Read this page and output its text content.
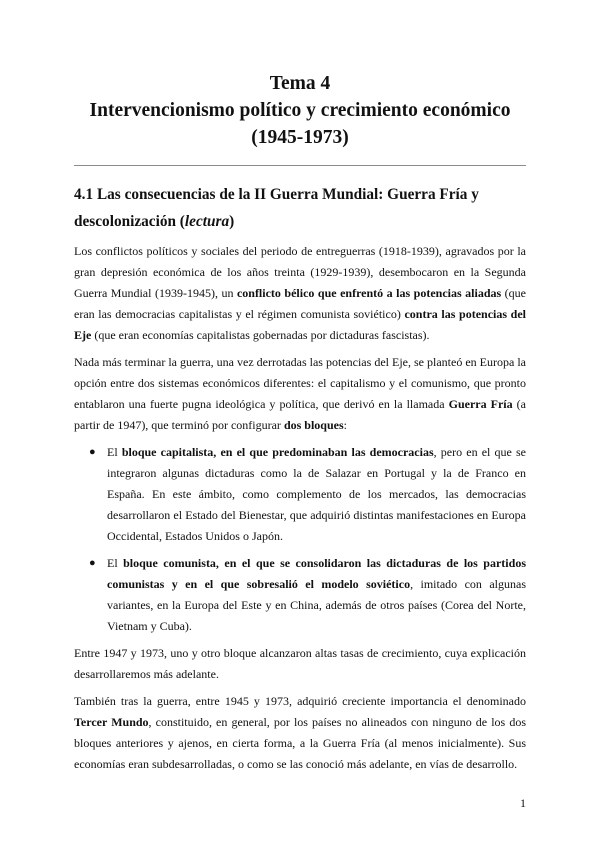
Tema 4
Intervencionismo político y crecimiento económico
(1945-1973)
4.1 Las consecuencias de la II Guerra Mundial: Guerra Fría y descolonización (lectura)

Los conflictos políticos y sociales del periodo de entreguerras (1918-1939), agravados por la gran depresión económica de los años treinta (1929-1939), desembocaron en la Segunda Guerra Mundial (1939-1945), un conflicto bélico que enfrentó a las potencias aliadas (que eran las democracias capitalistas y el régimen comunista soviético) contra las potencias del Eje (que eran economías capitalistas gobernadas por dictaduras fascistas).

Nada más terminar la guerra, una vez derrotadas las potencias del Eje, se planteó en Europa la opción entre dos sistemas económicos diferentes: el capitalismo y el comunismo, que pronto entablaron una fuerte pugna ideológica y política, que derivó en la llamada Guerra Fría (a partir de 1947), que terminó por configurar dos bloques:

● El bloque capitalista, en el que predominaban las democracias, pero en el que se integraron algunas dictaduras como la de Salazar en Portugal y la de Franco en España. En este ámbito, como complemento de los mercados, las democracias desarrollaron el Estado del Bienestar, que adquirió distintas manifestaciones en Europa Occidental, Estados Unidos o Japón.
● El bloque comunista, en el que se consolidaron las dictaduras de los partidos comunistas y en el que sobresalió el modelo soviético, imitado con algunas variantes, en la Europa del Este y en China, además de otros países (Corea del Norte, Vietnam y Cuba).

Entre 1947 y 1973, uno y otro bloque alcanzaron altas tasas de crecimiento, cuya explicación desarrollaremos más adelante.

También tras la guerra, entre 1945 y 1973, adquirió creciente importancia el denominado Tercer Mundo, constituido, en general, por los países no alineados con ninguno de los dos bloques anteriores y ajenos, en cierta forma, a la Guerra Fría (al menos inicialmente). Sus economías eran subdesarrolladas, o como se las conoció más adelante, en vías de desarrollo.

1
